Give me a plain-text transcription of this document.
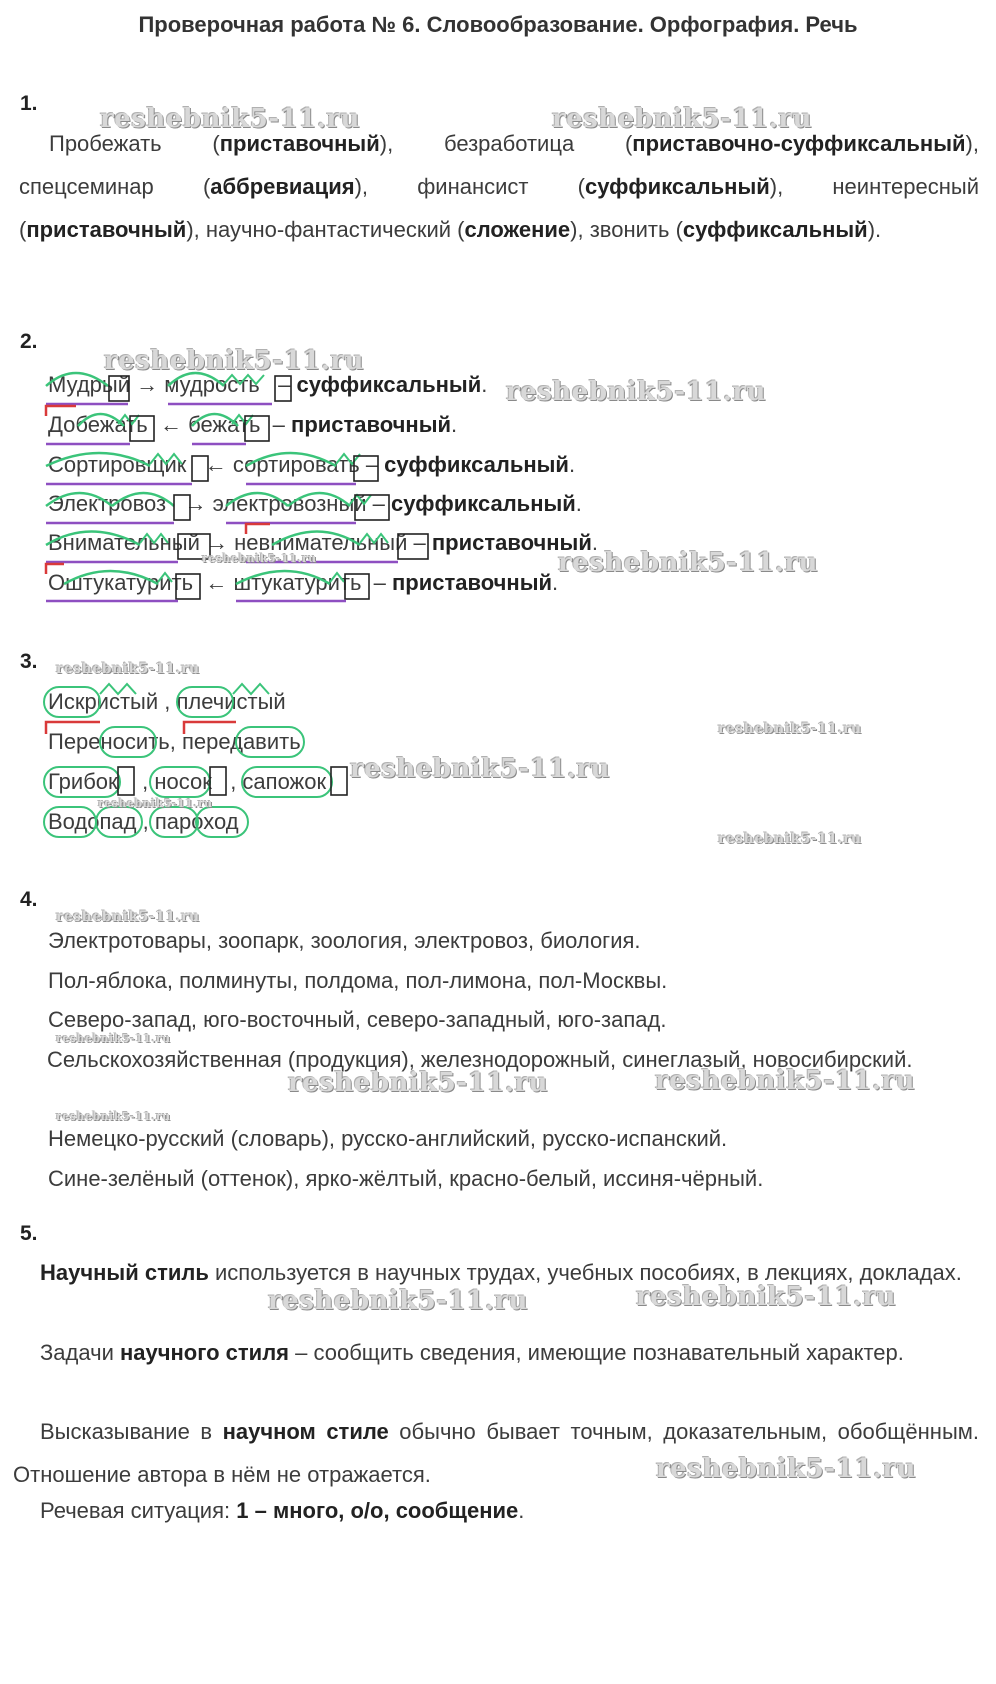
Проверочная работа № 6. Словообразование. Орфография. Речь
1.
Пробежать (приставочный), безработица (приставочно-суффиксальный), спецсеминар (аббревиация), финансист (суффиксальный), неинтересный (приставочный), научно-фантастический (сложение), звонить (суффиксальный).
2.
Мудрый → мудрость   – суффиксальный.
Добежать ← бежать  – приставочный.
Сортировщик ← сортировать – суффиксальный.
Электровоз → электровозный – суффиксальный.
Внимательный → невнимательный – приставочный.
Оштукатурить ← штукатурить  – приставочный.
3.
Искристый , плечистый
Переносить, передавить
Грибок    , носок   , сапожок
Водопад , пароход
4.
Электротовары, зоопарк, зоология, электровоз, биология.
Пол-яблока, полминуты, полдома, пол-лимона, пол-Москвы.
Северо-запад, юго-восточный, северо-западный, юго-запад.
Сельскохозяйственная (продукция), железнодорожный, синеглазый, новосибирский.
Немецко-русский (словарь), русско-английский, русско-испанский.
Сине-зелёный (оттенок), ярко-жёлтый, красно-белый, иссиня-чёрный.
5.
Научный стиль используется в научных трудах, учебных пособиях, в лекциях, докладах.
Задачи научного стиля – сообщить сведения, имеющие познавательный характер.
Высказывание в научном стиле обычно бывает точным, доказательным, обобщённым. Отношение автора в нём не отражается.
Речевая ситуация: 1 – много, о/о, сообщение.
reshebnik5-11.ru	reshebnik5-11.ru
reshebnik5-11.ru
reshebnik5-11.ru
reshebnik5-11.ru	reshebnik5-11.ru
reshebnik5-11.ru
reshebnik5-11.ru
reshebnik5-11.ru
reshebnik5-11.ru
reshebnik5-11.ru
reshebnik5-11.ru
reshebnik5-11.ru
reshebnik5-11.ru	reshebnik5-11.ru
reshebnik5-11.ru
reshebnik5-11.ru	reshebnik5-11.ru
reshebnik5-11.ru
